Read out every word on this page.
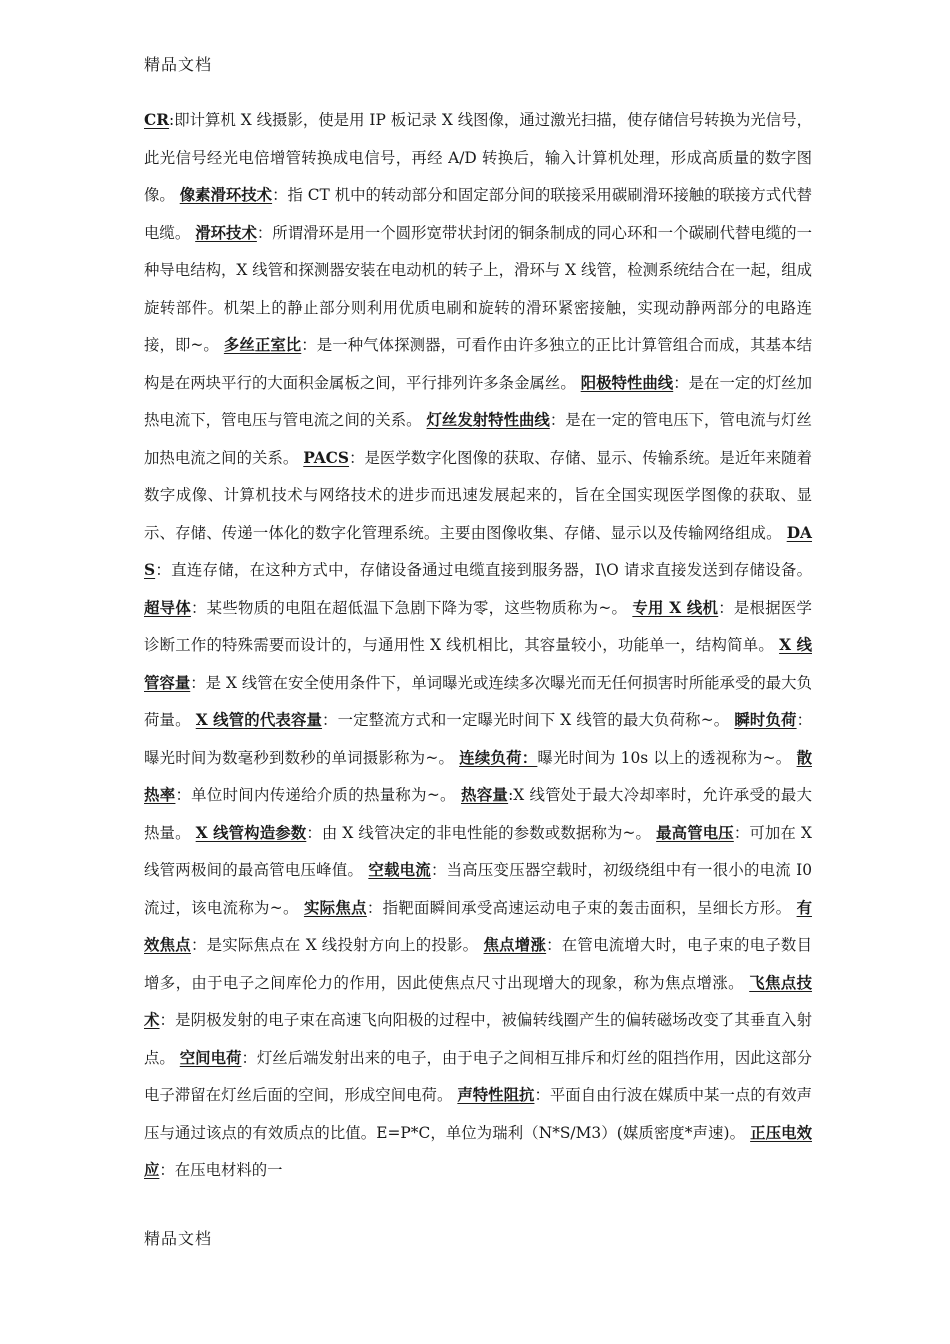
精品文档
CR:即计算机 X 线摄影，使是用 IP 板记录 X 线图像，通过激光扫描，使存储信号转换为光信号，此光信号经光电倍增管转换成电信号，再经 A/D 转换后，输入计算机处理，形成高质量的数字图像。 像素滑环技术：指 CT 机中的转动部分和固定部分间的联接采用碳刷滑环接触的联接方式代替电缆。 滑环技术：所谓滑环是用一个圆形宽带状封闭的铜条制成的同心环和一个碳刷代替电缆的一种导电结构，X 线管和探测器安装在电动机的转子上，滑环与 X 线管，检测系统结合在一起，组成旋转部件。机架上的静止部分则利用优质电刷和旋转的滑环紧密接触，实现动静两部分的电路连接，即~。 多丝正室比：是一种气体探测器，可看作由许多独立的正比计算管组合而成，其基本结构是在两块平行的大面积金属板之间，平行排列许多条金属丝。 阳极特性曲线：是在一定的灯丝加热电流下，管电压与管电流之间的关系。 灯丝发射特性曲线：是在一定的管电压下，管电流与灯丝加热电流之间的关系。 PACS：是医学数字化图像的获取、存储、显示、传输系统。是近年来随着数字成像、计算机技术与网络技术的进步而迅速发展起来的，旨在全国实现医学图像的获取、显示、存储、传递一体化的数字化管理系统。主要由图像收集、存储、显示以及传输网络组成。 DAS：直连存储，在这种方式中，存储设备通过电缆直接到服务器，I\O 请求直接发送到存储设备。 超导体：某些物质的电阻在超低温下急剧下降为零，这些物质称为~。 专用 X 线机：是根据医学诊断工作的特殊需要而设计的，与通用性 X 线机相比，其容量较小，功能单一，结构简单。 X 线管容量：是 X 线管在安全使用条件下，单词曝光或连续多次曝光而无任何损害时所能承受的最大负荷量。 X 线管的代表容量：一定整流方式和一定曝光时间下 X 线管的最大负荷称~。 瞬时负荷：曝光时间为数毫秒到数秒的单词摄影称为~。 连续负荷：曝光时间为 10s 以上的透视称为~。 散热率：单位时间内传递给介质的热量称为~。 热容量:X 线管处于最大冷却率时，允许承受的最大热量。 X 线管构造参数：由 X 线管决定的非电性能的参数或数据称为~。 最高管电压：可加在 X 线管两极间的最高管电压峰值。 空载电流：当高压变压器空载时，初级绕组中有一很小的电流 I0 流过，该电流称为~。 实际焦点：指靶面瞬间承受高速运动电子束的轰击面积，呈细长方形。 有效焦点：是实际焦点在 X 线投射方向上的投影。 焦点增涨：在管电流增大时，电子束的电子数目增多，由于电子之间库伦力的作用，因此使焦点尺寸出现增大的现象，称为焦点增涨。 飞焦点技术：是阴极发射的电子束在高速飞向阳极的过程中，被偏转线圈产生的偏转磁场改变了其垂直入射点。 空间电荷：灯丝后端发射出来的电子，由于电子之间相互排斥和灯丝的阻挡作用，因此这部分电子滞留在灯丝后面的空间，形成空间电荷。 声特性阻抗：平面自由行波在媒质中某一点的有效声压与通过该点的有效质点的比值。E=P*C，单位为瑞利（N*S/M3）(媒质密度*声速)。 正压电效应：在压电材料的一
精品文档
